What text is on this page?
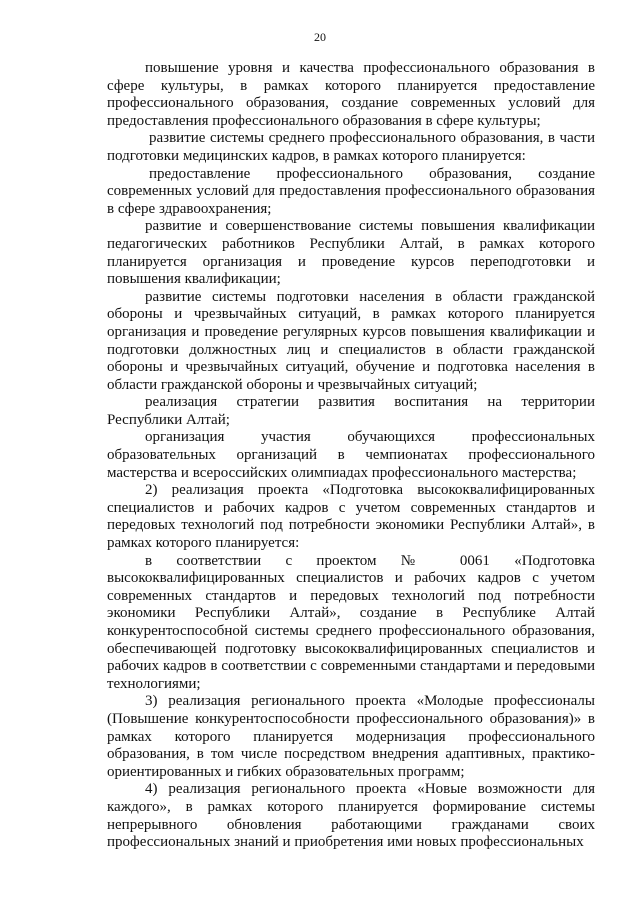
20

повышение уровня и качества профессионального образования в сфере культуры, в рамках которого планируется предоставление профессионального образования, создание современных условий для предоставления профессионального образования в сфере культуры;

развитие системы среднего профессионального образования, в части подготовки медицинских кадров, в рамках которого планируется:

предоставление профессионального образования, создание современных условий для предоставления профессионального образования в сфере здравоохранения;

развитие и совершенствование системы повышения квалификации педагогических работников Республики Алтай, в рамках которого планируется организация и проведение курсов переподготовки и повышения квалификации;

развитие системы подготовки населения в области гражданской обороны и чрезвычайных ситуаций, в рамках которого планируется организация и проведение регулярных курсов повышения квалификации и подготовки должностных лиц и специалистов в области гражданской обороны и чрезвычайных ситуаций, обучение и подготовка населения в области гражданской обороны и чрезвычайных ситуаций;

реализация стратегии развития воспитания на территории Республики Алтай;

организация участия обучающихся профессиональных образовательных организаций в чемпионатах профессионального мастерства и всероссийских олимпиадах профессионального мастерства;

2) реализация проекта «Подготовка высококвалифицированных специалистов и рабочих кадров с учетом современных стандартов и передовых технологий под потребности экономики Республики Алтай», в рамках которого планируется:

в соответствии с проектом № 0061 «Подготовка высококвалифицированных специалистов и рабочих кадров с учетом современных стандартов и передовых технологий под потребности экономики Республики Алтай», создание в Республике Алтай конкурентоспособной системы среднего профессионального образования, обеспечивающей подготовку высококвалифицированных специалистов и рабочих кадров в соответствии с современными стандартами и передовыми технологиями;

3) реализация регионального проекта «Молодые профессионалы (Повышение конкурентоспособности профессионального образования)» в рамках которого планируется модернизация профессионального образования, в том числе посредством внедрения адаптивных, практико-ориентированных и гибких образовательных программ;

4) реализация регионального проекта «Новые возможности для каждого», в рамках которого планируется формирование системы непрерывного обновления работающими гражданами своих профессиональных знаний и приобретения ими новых профессиональных
